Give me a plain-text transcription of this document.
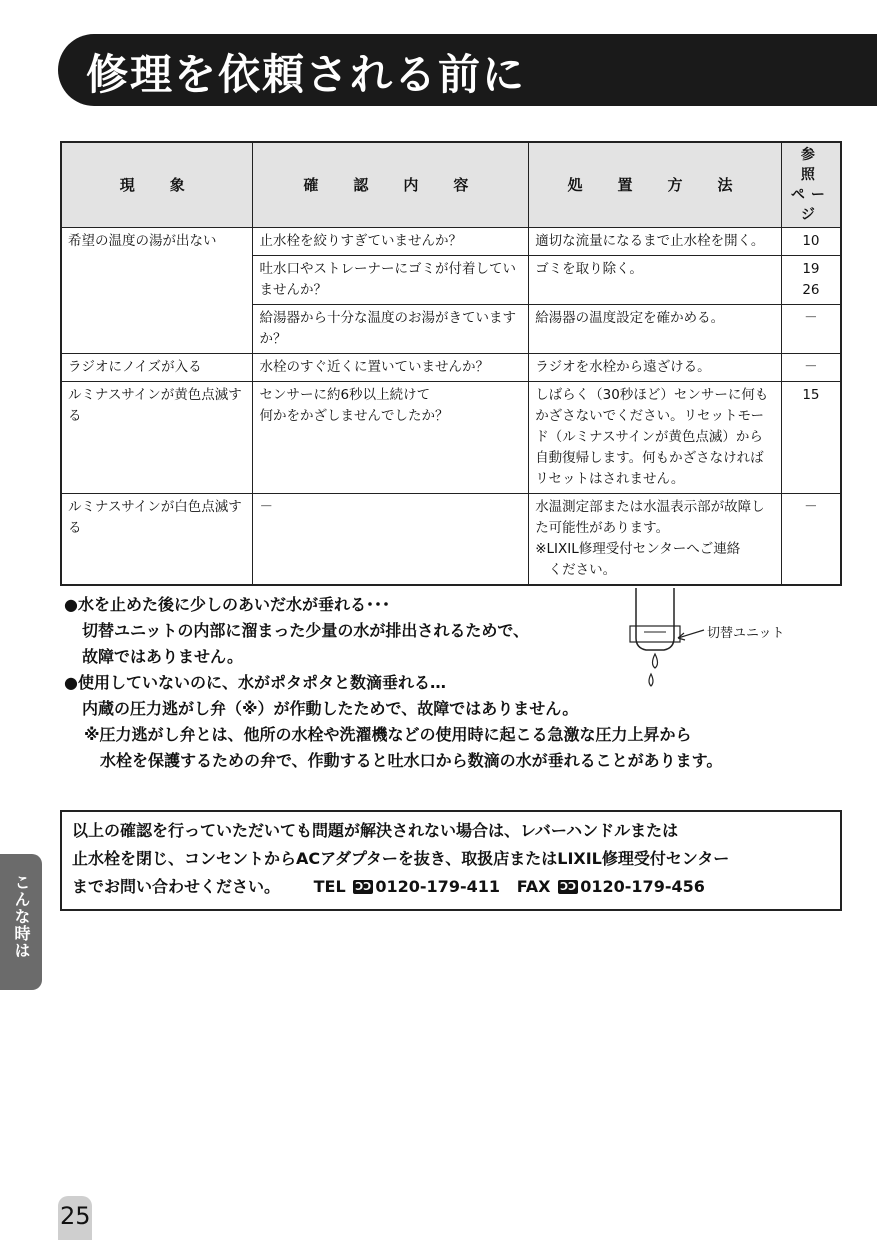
修理を依頼される前に
現　象	確　認　内　容	処　置　方　法	参　照
ページ
希望の温度の湯が出ない	止水栓を絞りすぎていませんか？	適切な流量になるまで止水栓を開く。	10
	吐水口やストレーナーにゴミが付着していませんか？	ゴミを取り除く。	19
26
	給湯器から十分な温度のお湯がきていますか？	給湯器の温度設定を確かめる。	－
ラジオにノイズが入る	水栓のすぐ近くに置いていませんか？	ラジオを水栓から遠ざける。	－
ルミナスサインが黄色点滅する	センサーに約6秒以上続けて
何かをかざしませんでしたか？	しばらく（30秒ほど）センサーに何もかざさないでください。リセットモード（ルミナスサインが黄色点滅）から自動復帰します。何もかざさなければリセットはされません。	15
ルミナスサインが白色点滅する	－	水温測定部または水温表示部が故障した可能性があります。
※LIXIL修理受付センターへご連絡
　ください。	－

●水を止めた後に少しのあいだ水が垂れる･･･

切替ユニットの内部に溜まった少量の水が排出されるためで、

故障ではありません。

●使用していないのに、水がポタポタと数滴垂れる…

内蔵の圧力逃がし弁（※）が作動したためで、故障ではありません。

※圧力逃がし弁とは、他所の水栓や洗濯機などの使用時に起こる急激な圧力上昇から

水栓を保護するための弁で、作動すると吐水口から数滴の水が垂れることがあります。

切替ユニット

以上の確認を行っていただいても問題が解決されない場合は、レバーハンドルまたは

止水栓を閉じ、コンセントからACアダプターを抜き、取扱店またはLIXIL修理受付センター

までお問い合わせください。 TEL ƆƆ 0120-179-411 FAX ƆƆ 0120-179-456

こんな時は
25
